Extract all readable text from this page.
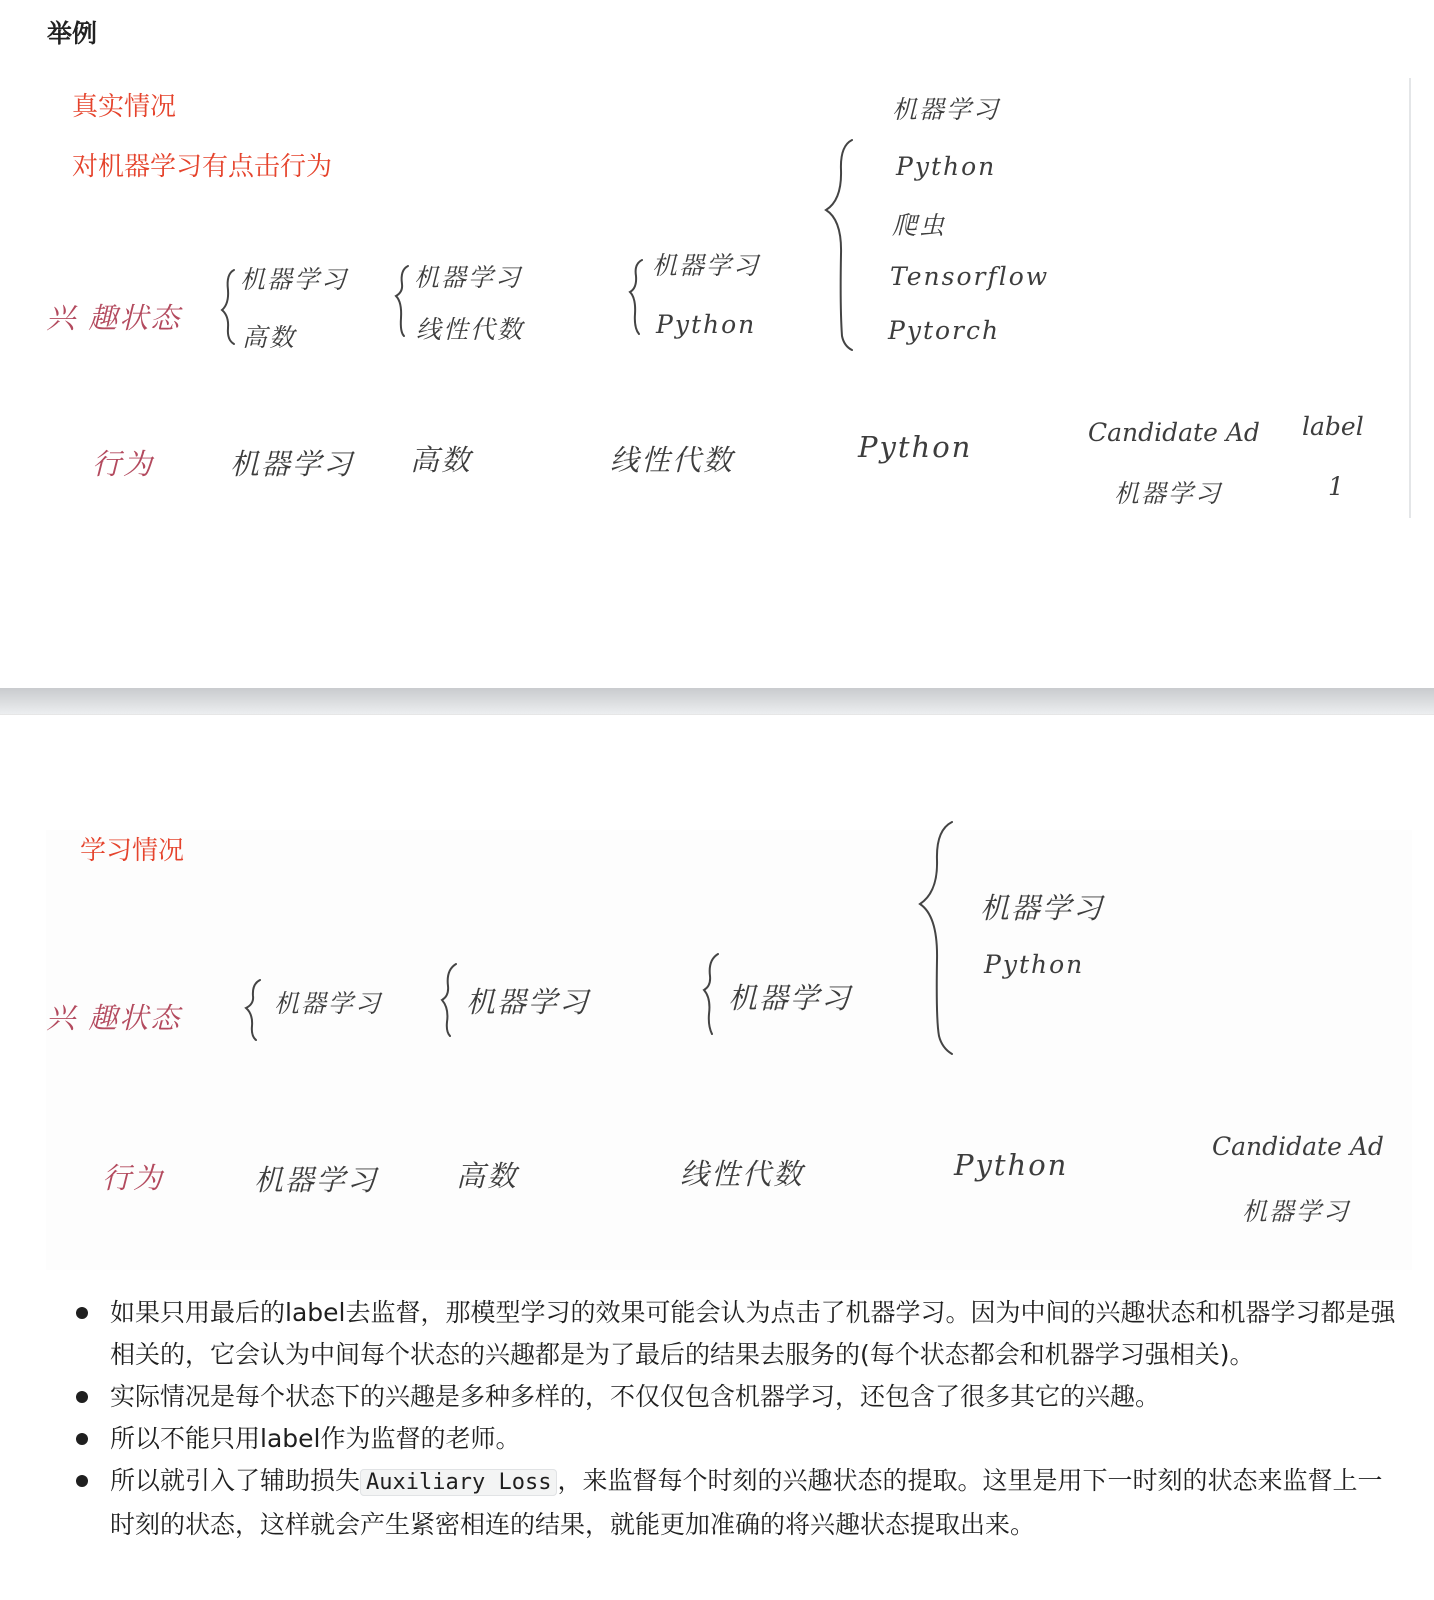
举例
真实情况
对机器学习有点击行为
兴 趣状态
机器学习
高数
机器学习
线性代数
机器学习
Python
机器学习
Python
爬虫
Tensorflow
Pytorch
行为	机器学习 高数	线性代数	Python	Candidate Ad
机器学习
label
1
学习情况
兴 趣状态	机器学习	机器学习	机器学习
机器学习
Python
行为	机器学习	高数	线性代数	Python
Candidate Ad
机器学习
如果只用最后的label去监督，那模型学习的效果可能会认为点击了机器学习。因为中间的兴趣状态和机器学习都是强相关的，它会认为中间每个状态的兴趣都是为了最后的结果去服务的(每个状态都会和机器学习强相关)。
实际情况是每个状态下的兴趣是多种多样的，不仅仅包含机器学习，还包含了很多其它的兴趣。
所以不能只用label作为监督的老师。
所以就引入了辅助损失 Auxiliary Loss ，来监督每个时刻的兴趣状态的提取。这里是用下一时刻的状态来监督上一时刻的状态，这样就会产生紧密相连的结果，就能更加准确的将兴趣状态提取出来。
